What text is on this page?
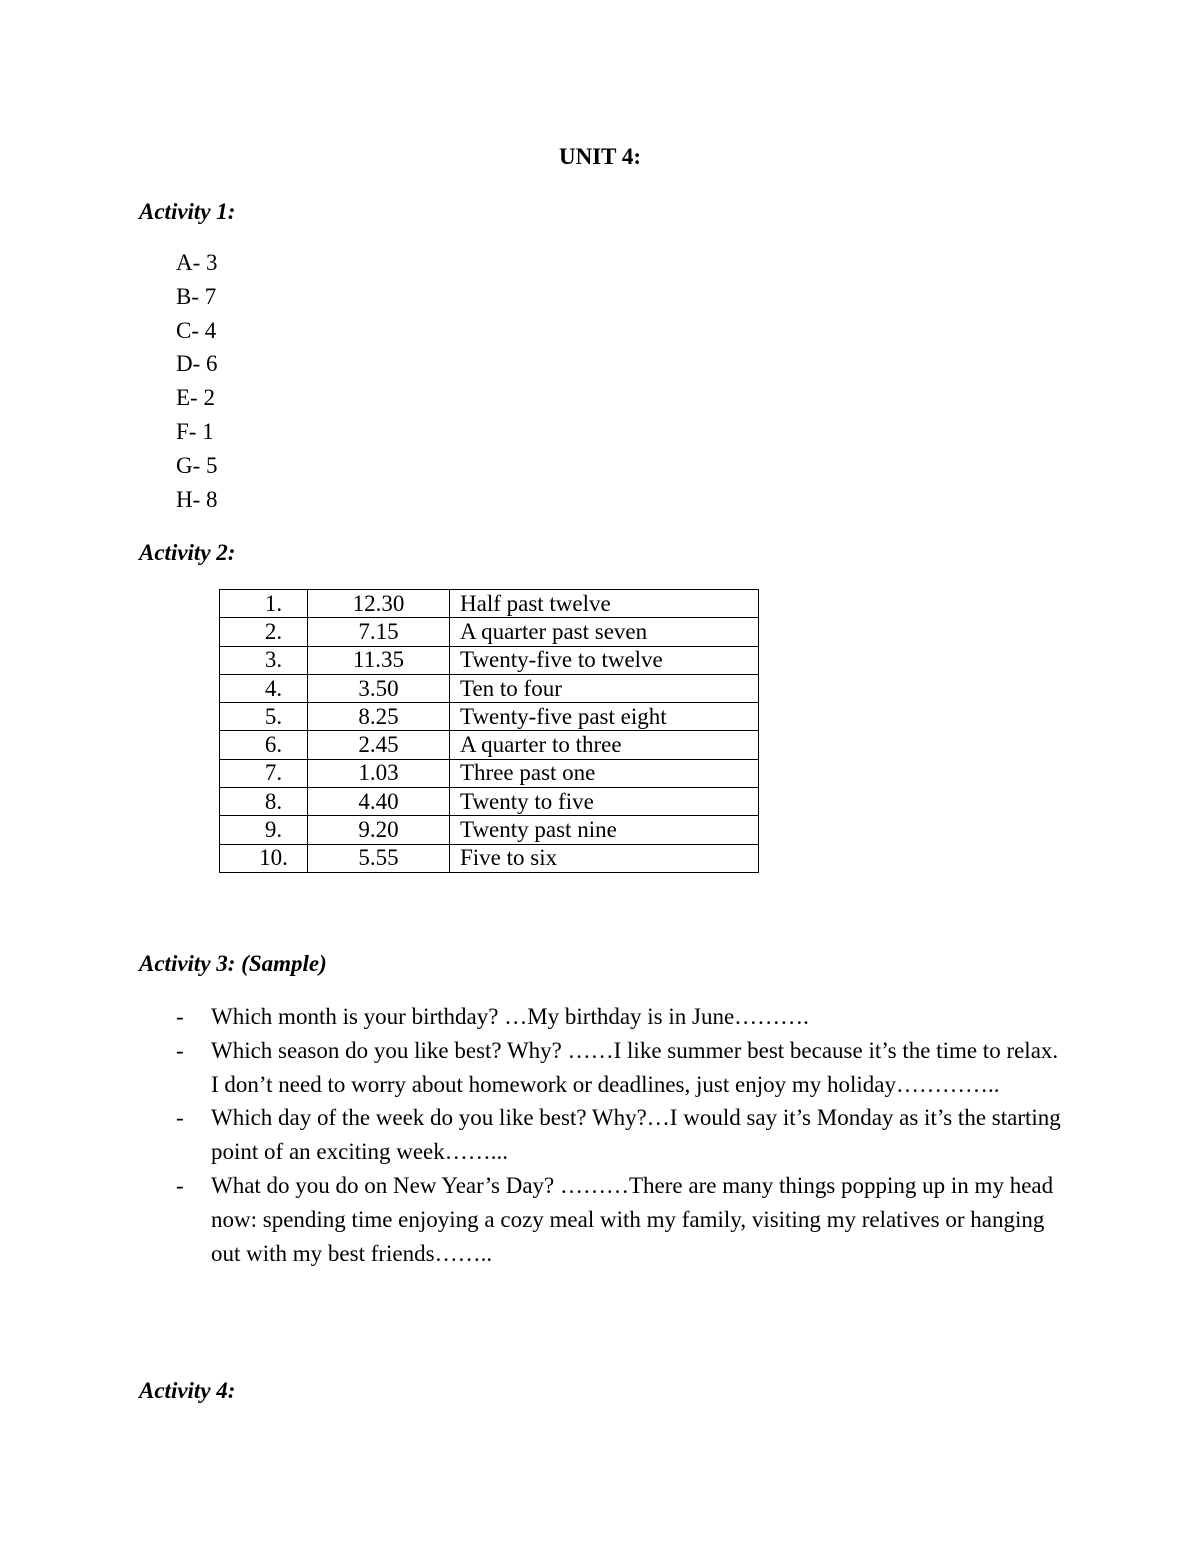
UNIT 4:
Activity 1:
A- 3
B- 7
C- 4
D- 6
E- 2
F- 1
G- 5
H- 8
Activity 2:
1.	12.30	Half past twelve
2.	7.15	A quarter past seven
3.	11.35	Twenty-five to twelve
4.	3.50	Ten to four
5.	8.25	Twenty-five past eight
6.	2.45	A quarter to three
7.	1.03	Three past one
8.	4.40	Twenty to five
9.	9.20	Twenty past nine
10.	5.55	Five to six
Activity 3: (Sample)
- Which month is your birthday? …My birthday is in June……….
- Which season do you like best? Why? ……I like summer best because it’s the time to relax. I don’t need to worry about homework or deadlines, just enjoy my holiday…………..
- Which day of the week do you like best? Why?…I would say it’s Monday as it’s the starting point of an exciting week……...
- What do you do on New Year’s Day? ………There are many things popping up in my head now: spending time enjoying a cozy meal with my family, visiting my relatives or hanging out with my best friends……..
Activity 4:
